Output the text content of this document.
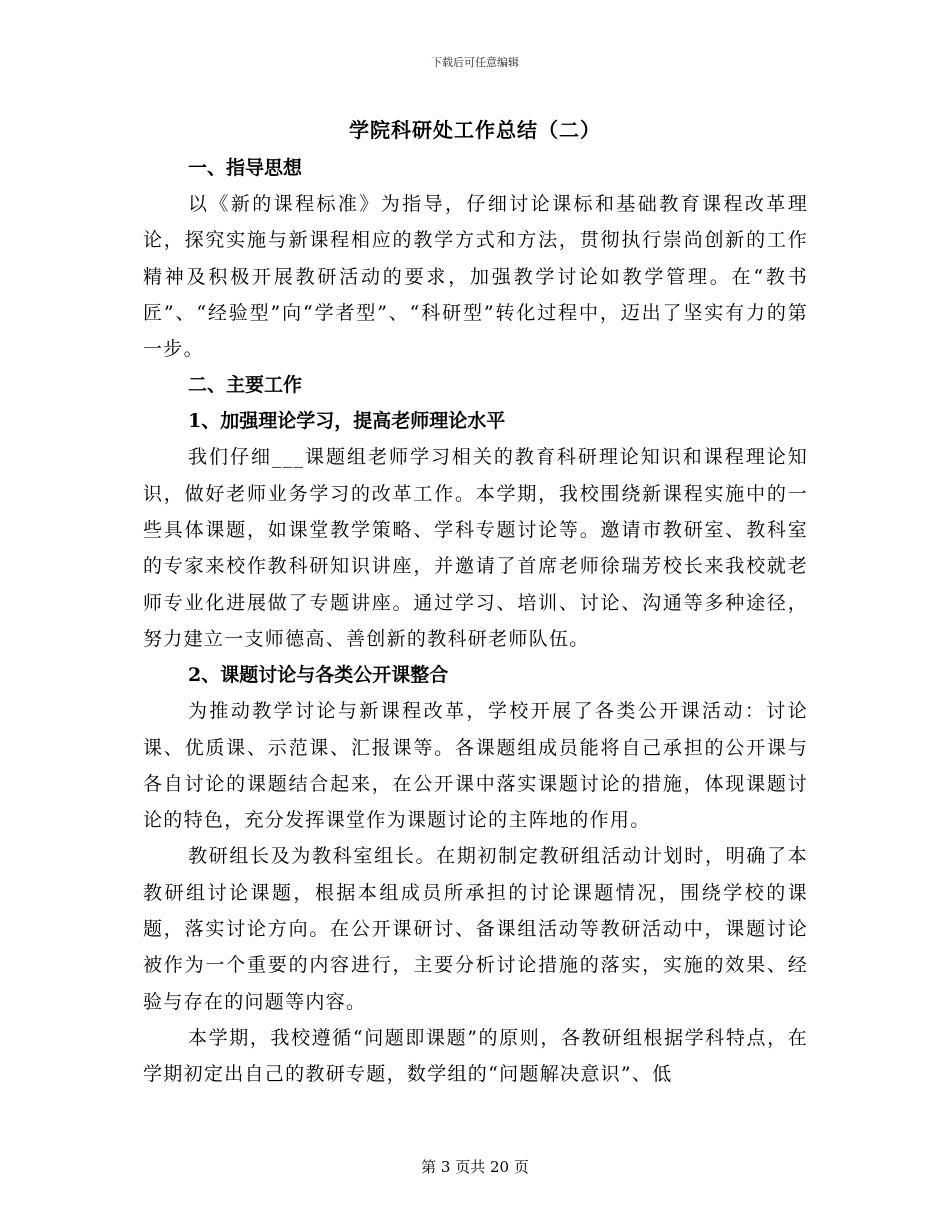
下载后可任意编辑
学院科研处工作总结（二）

一、指导思想

以《新的课程标准》为指导，仔细讨论课标和基础教育课程改革理论，探究实施与新课程相应的教学方式和方法，贯彻执行崇尚创新的工作精神及积极开展教研活动的要求，加强教学讨论如教学管理。在“教书匠”、“经验型”向“学者型”、“科研型”转化过程中，迈出了坚实有力的第一步。

二、主要工作

1、加强理论学习，提高老师理论水平

我们仔细___课题组老师学习相关的教育科研理论知识和课程理论知识，做好老师业务学习的改革工作。本学期，我校围绕新课程实施中的一些具体课题，如课堂教学策略、学科专题讨论等。邀请市教研室、教科室的专家来校作教科研知识讲座，并邀请了首席老师徐瑞芳校长来我校就老师专业化进展做了专题讲座。通过学习、培训、讨论、沟通等多种途径，努力建立一支师德高、善创新的教科研老师队伍。

2、课题讨论与各类公开课整合

为推动教学讨论与新课程改革，学校开展了各类公开课活动：讨论课、优质课、示范课、汇报课等。各课题组成员能将自己承担的公开课与各自讨论的课题结合起来，在公开课中落实课题讨论的措施，体现课题讨论的特色，充分发挥课堂作为课题讨论的主阵地的作用。

教研组长及为教科室组长。在期初制定教研组活动计划时，明确了本教研组讨论课题，根据本组成员所承担的讨论课题情况，围绕学校的课题，落实讨论方向。在公开课研讨、备课组活动等教研活动中，课题讨论被作为一个重要的内容进行，主要分析讨论措施的落实，实施的效果、经验与存在的问题等内容。

本学期，我校遵循“问题即课题”的原则，各教研组根据学科特点，在学期初定出自己的教研专题，数学组的“问题解决意识”、低

第 3 页共 20 页
